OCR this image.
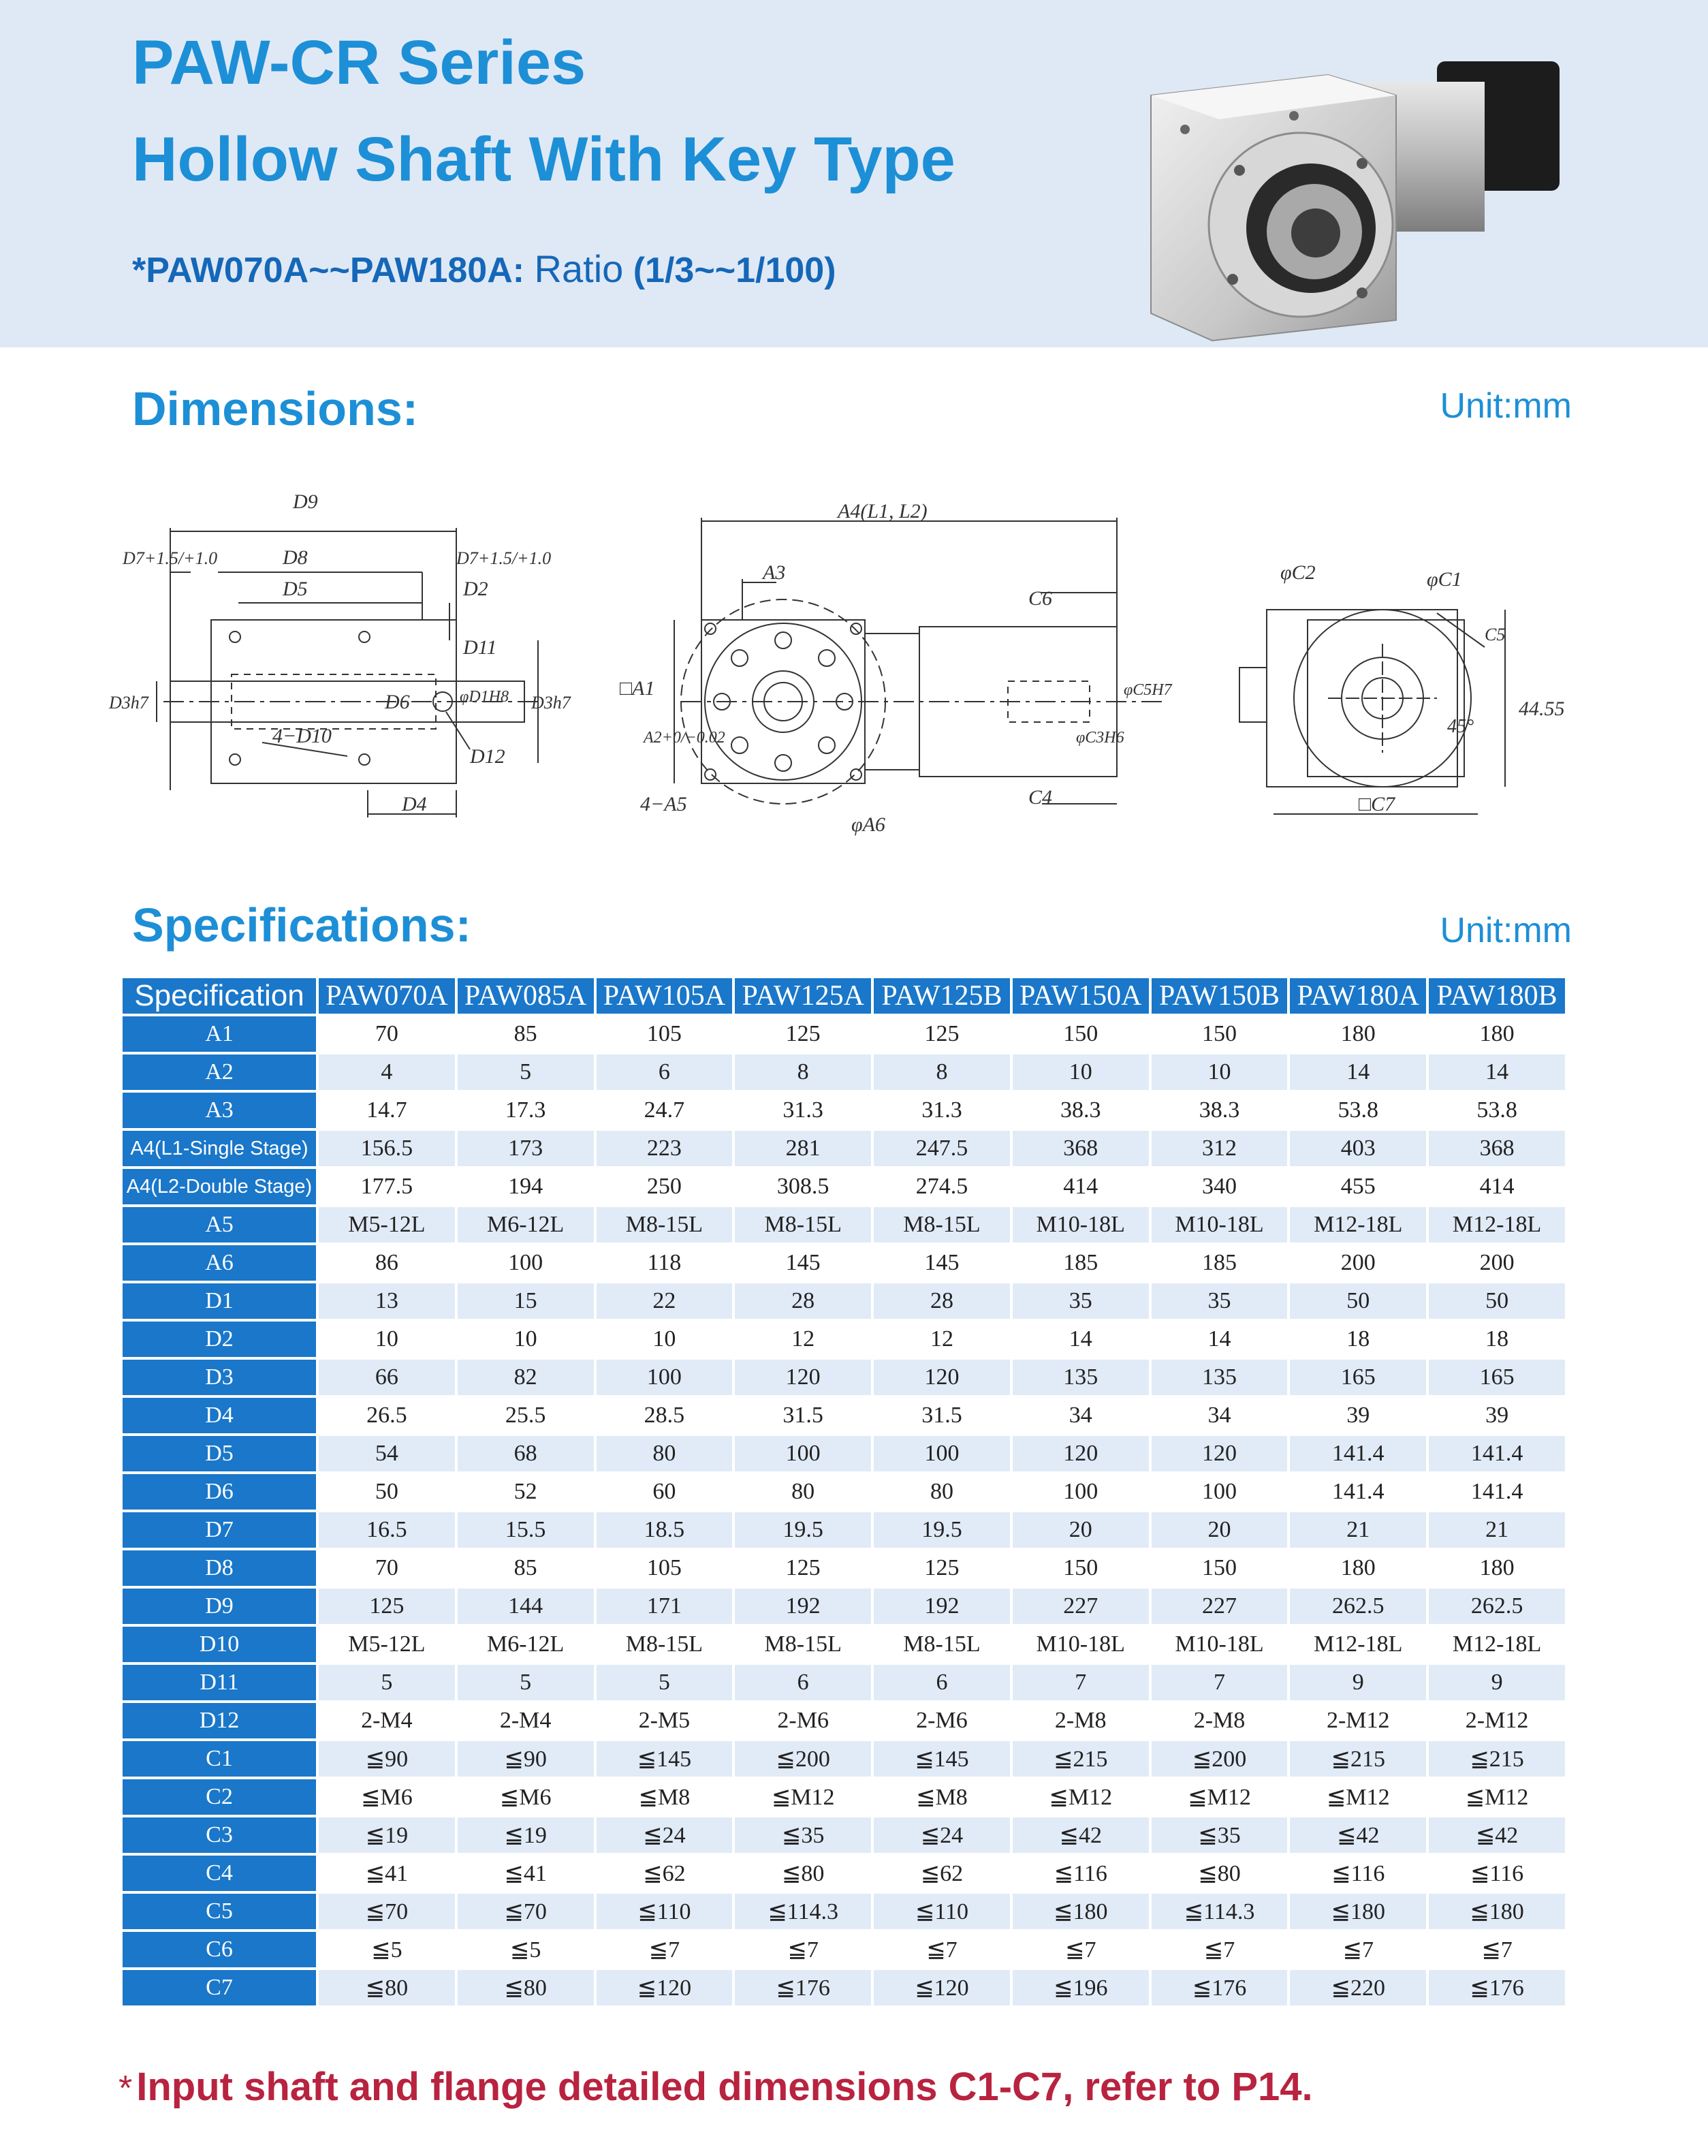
PAW-CR Series
Hollow Shaft With Key Type
*PAW070A~~PAW180A: Ratio (1/3~~1/100)
Dimensions:	Unit:mm
D9
D8
D5	D2
D7+1.5/+1.0	D7+1.5/+1.0
D11
D3h7	D3h7
D6	φD1H8
4−D10
D12
D4
A4(L1, L2)
A3
C6
□A1
A2+0/−0.02	φC3H6
φC5H7
4−A5	C4
φA6
φC2	φC1
□C7
45°
44.55
C5
Specifications:	Unit:mm
Specification	PAW070A	PAW085A	PAW105A	PAW125A	PAW125B	PAW150A	PAW150B	PAW180A	PAW180B
A1	70	85	105	125	125	150	150	180	180
A2	4	5	6	8	8	10	10	14	14
A3	14.7	17.3	24.7	31.3	31.3	38.3	38.3	53.8	53.8
A4(L1-Single Stage)	156.5	173	223	281	247.5	368	312	403	368
A4(L2-Double Stage)	177.5	194	250	308.5	274.5	414	340	455	414
A5	M5-12L	M6-12L	M8-15L	M8-15L	M8-15L	M10-18L	M10-18L	M12-18L	M12-18L
A6	86	100	118	145	145	185	185	200	200
D1	13	15	22	28	28	35	35	50	50
D2	10	10	10	12	12	14	14	18	18
D3	66	82	100	120	120	135	135	165	165
D4	26.5	25.5	28.5	31.5	31.5	34	34	39	39
D5	54	68	80	100	100	120	120	141.4	141.4
D6	50	52	60	80	80	100	100	141.4	141.4
D7	16.5	15.5	18.5	19.5	19.5	20	20	21	21
D8	70	85	105	125	125	150	150	180	180
D9	125	144	171	192	192	227	227	262.5	262.5
D10	M5-12L	M6-12L	M8-15L	M8-15L	M8-15L	M10-18L	M10-18L	M12-18L	M12-18L
D11	5	5	5	6	6	7	7	9	9
D12	2-M4	2-M4	2-M5	2-M6	2-M6	2-M8	2-M8	2-M12	2-M12
C1	≦90	≦90	≦145	≦200	≦145	≦215	≦200	≦215	≦215
C2	≦M6	≦M6	≦M8	≦M12	≦M8	≦M12	≦M12	≦M12	≦M12
C3	≦19	≦19	≦24	≦35	≦24	≦42	≦35	≦42	≦42
C4	≦41	≦41	≦62	≦80	≦62	≦116	≦80	≦116	≦116
C5	≦70	≦70	≦110	≦114.3	≦110	≦180	≦114.3	≦180	≦180
C6	≦5	≦5	≦7	≦7	≦7	≦7	≦7	≦7	≦7
C7	≦80	≦80	≦120	≦176	≦120	≦196	≦176	≦220	≦176
* Input shaft and flange detailed dimensions C1-C7, refer to P14.
